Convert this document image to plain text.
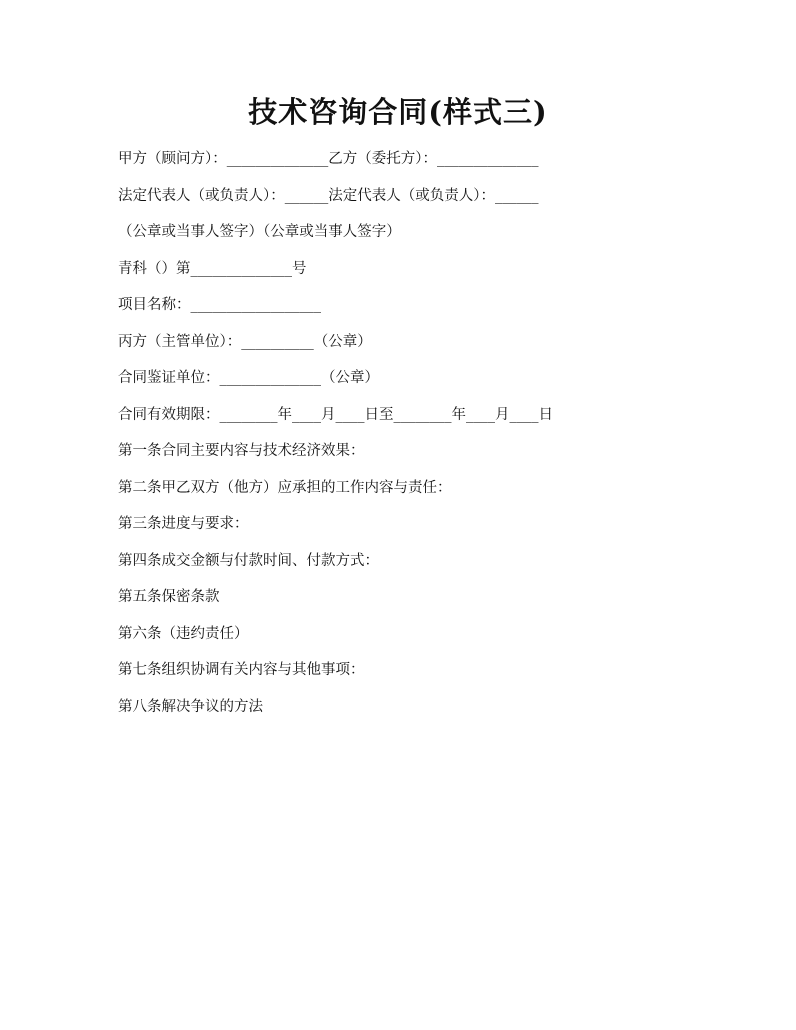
技术咨询合同(样式三)
甲方（顾问方）：______________乙方（委托方）：______________
法定代表人（或负责人）：______法定代表人（或负责人）：______
（公章或当事人签字）（公章或当事人签字）
青科（）第______________号
项目名称：__________________
丙方（主管单位）：__________（公章）
合同鉴证单位：______________（公章）
合同有效期限：________年____月____日至________年____月____日
第一条合同主要内容与技术经济效果：
第二条甲乙双方（他方）应承担的工作内容与责任：
第三条进度与要求：
第四条成交金额与付款时间、付款方式：
第五条保密条款
第六条（违约责任）
第七条组织协调有关内容与其他事项：
第八条解决争议的方法
